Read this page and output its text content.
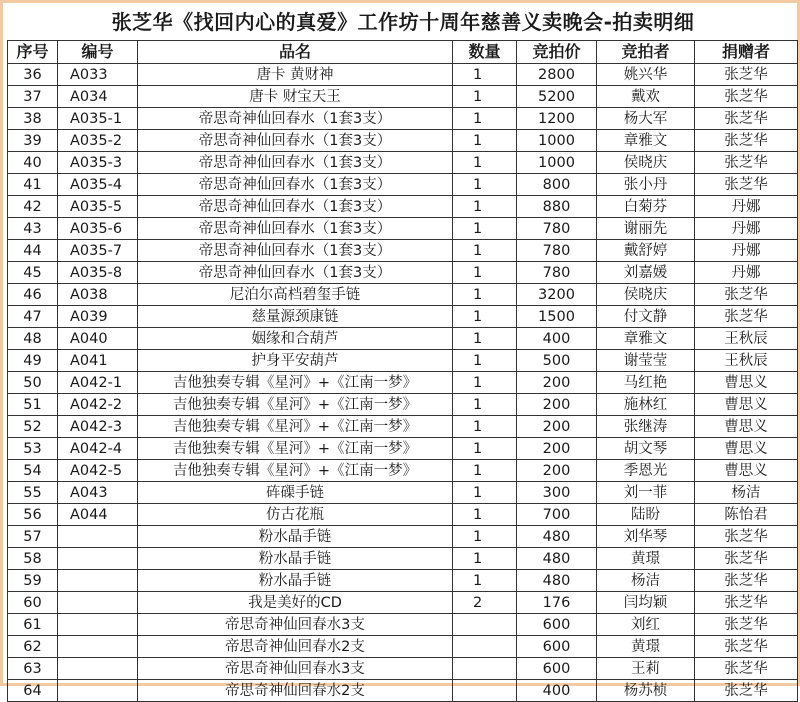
张芝华《找回内心的真爱》工作坊十周年慈善义卖晚会-拍卖明细
序号	编号	品名	数量	竞拍价	竞拍者	捐赠者
36	A033	唐卡 黄财神	1	2800	姚兴华	张芝华
37	A034	唐卡 财宝天王	1	5200	戴欢	张芝华
38	A035-1	帝思奇神仙回春水（1套3支）	1	1200	杨大军	张芝华
39	A035-2	帝思奇神仙回春水（1套3支）	1	1000	章雅文	张芝华
40	A035-3	帝思奇神仙回春水（1套3支）	1	1000	侯晓庆	张芝华
41	A035-4	帝思奇神仙回春水（1套3支）	1	800	张小丹	张芝华
42	A035-5	帝思奇神仙回春水（1套3支）	1	880	白菊芬	丹娜
43	A035-6	帝思奇神仙回春水（1套3支）	1	780	谢丽先	丹娜
44	A035-7	帝思奇神仙回春水（1套3支）	1	780	戴舒婷	丹娜
45	A035-8	帝思奇神仙回春水（1套3支）	1	780	刘嘉媛	丹娜
46	A038	尼泊尔高档碧玺手链	1	3200	侯晓庆	张芝华
47	A039	慈量源颈康链	1	1500	付文静	张芝华
48	A040	姻缘和合葫芦	1	400	章雅文	王秋辰
49	A041	护身平安葫芦	1	500	谢莹莹	王秋辰
50	A042-1	吉他独奏专辑《星河》+《江南一梦》	1	200	马红艳	曹思义
51	A042-2	吉他独奏专辑《星河》+《江南一梦》	1	200	施林红	曹思义
52	A042-3	吉他独奏专辑《星河》+《江南一梦》	1	200	张继涛	曹思义
53	A042-4	吉他独奏专辑《星河》+《江南一梦》	1	200	胡文琴	曹思义
54	A042-5	吉他独奏专辑《星河》+《江南一梦》	1	200	季恩光	曹思义
55	A043	砗磲手链	1	300	刘一菲	杨洁
56	A044	仿古花瓶	1	700	陆盼	陈怡君
57		粉水晶手链	1	480	刘华琴	张芝华
58		粉水晶手链	1	480	黄璟	张芝华
59		粉水晶手链	1	480	杨洁	张芝华
60		我是美好的CD	2	176	闫均颖	张芝华
61		帝思奇神仙回春水3支		600	刘红	张芝华
62		帝思奇神仙回春水2支		600	黄璟	张芝华
63		帝思奇神仙回春水3支		600	王莉	张芝华
64		帝思奇神仙回春水2支		400	杨苏桢	张芝华
